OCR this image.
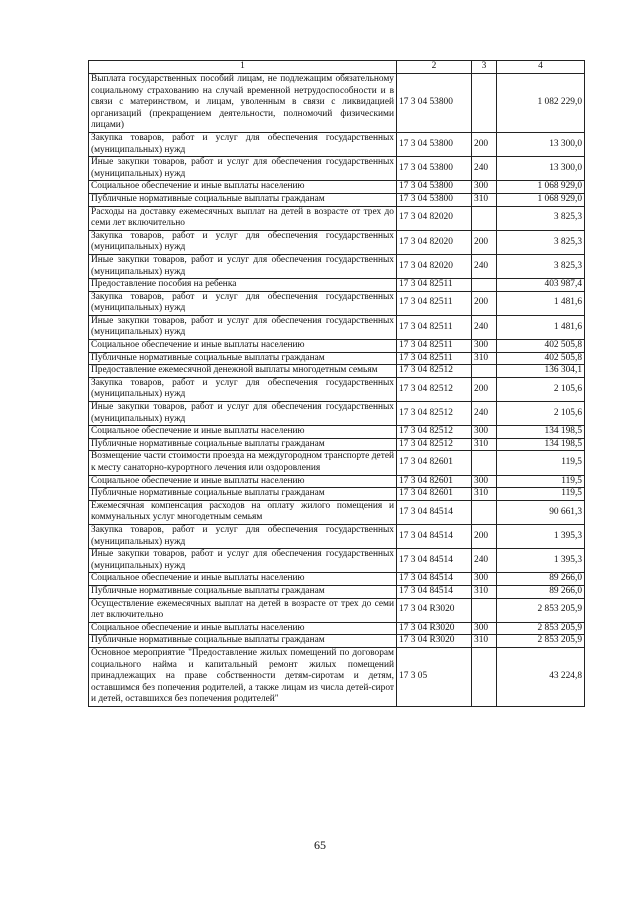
1	2	3	4
Выплата государственных пособий лицам, не подлежащим обязательному социальному страхованию на случай временной нетрудоспособности и в связи с материнством, и лицам, уволенным в связи с ликвидацией организаций (прекращением деятельности, полномочий физическими лицами)	17 3 04 53800		1 082 229,0
Закупка товаров, работ и услуг для обеспечения государственных (муниципальных) нужд	17 3 04 53800	200	13 300,0
Иные закупки товаров, работ и услуг для обеспечения государственных (муниципальных) нужд	17 3 04 53800	240	13 300,0
Социальное обеспечение и иные выплаты населению	17 3 04 53800	300	1 068 929,0
Публичные нормативные социальные выплаты гражданам	17 3 04 53800	310	1 068 929,0
Расходы на доставку ежемесячных выплат на детей в возрасте от трех до семи лет включительно	17 3 04 82020		3 825,3
Закупка товаров, работ и услуг для обеспечения государственных (муниципальных) нужд	17 3 04 82020	200	3 825,3
Иные закупки товаров, работ и услуг для обеспечения государственных (муниципальных) нужд	17 3 04 82020	240	3 825,3
Предоставление пособия на ребенка	17 3 04 82511		403 987,4
Закупка товаров, работ и услуг для обеспечения государственных (муниципальных) нужд	17 3 04 82511	200	1 481,6
Иные закупки товаров, работ и услуг для обеспечения государственных (муниципальных) нужд	17 3 04 82511	240	1 481,6
Социальное обеспечение и иные выплаты населению	17 3 04 82511	300	402 505,8
Публичные нормативные социальные выплаты гражданам	17 3 04 82511	310	402 505,8
Предоставление ежемесячной денежной выплаты многодетным семьям	17 3 04 82512		136 304,1
Закупка товаров, работ и услуг для обеспечения государственных (муниципальных) нужд	17 3 04 82512	200	2 105,6
Иные закупки товаров, работ и услуг для обеспечения государственных (муниципальных) нужд	17 3 04 82512	240	2 105,6
Социальное обеспечение и иные выплаты населению	17 3 04 82512	300	134 198,5
Публичные нормативные социальные выплаты гражданам	17 3 04 82512	310	134 198,5
Возмещение части стоимости проезда на междугородном транспорте детей к месту санаторно-курортного лечения или оздоровления	17 3 04 82601		119,5
Социальное обеспечение и иные выплаты населению	17 3 04 82601	300	119,5
Публичные нормативные социальные выплаты гражданам	17 3 04 82601	310	119,5
Ежемесячная компенсация расходов на оплату жилого помещения и коммунальных услуг многодетным семьям	17 3 04 84514		90 661,3
Закупка товаров, работ и услуг для обеспечения государственных (муниципальных) нужд	17 3 04 84514	200	1 395,3
Иные закупки товаров, работ и услуг для обеспечения государственных (муниципальных) нужд	17 3 04 84514	240	1 395,3
Социальное обеспечение и иные выплаты населению	17 3 04 84514	300	89 266,0
Публичные нормативные социальные выплаты гражданам	17 3 04 84514	310	89 266,0
Осуществление ежемесячных выплат на детей в возрасте от трех до семи лет включительно	17 3 04 R3020		2 853 205,9
Социальное обеспечение и иные выплаты населению	17 3 04 R3020	300	2 853 205,9
Публичные нормативные социальные выплаты гражданам	17 3 04 R3020	310	2 853 205,9
Основное мероприятие "Предоставление жилых помещений по договорам социального найма и капитальный ремонт жилых помещений принадлежащих на праве собственности детям-сиротам и детям, оставшимся без попечения родителей, а также лицам из числа детей-сирот и детей, оставшихся без попечения родителей"	17 3 05		43 224,8
65
